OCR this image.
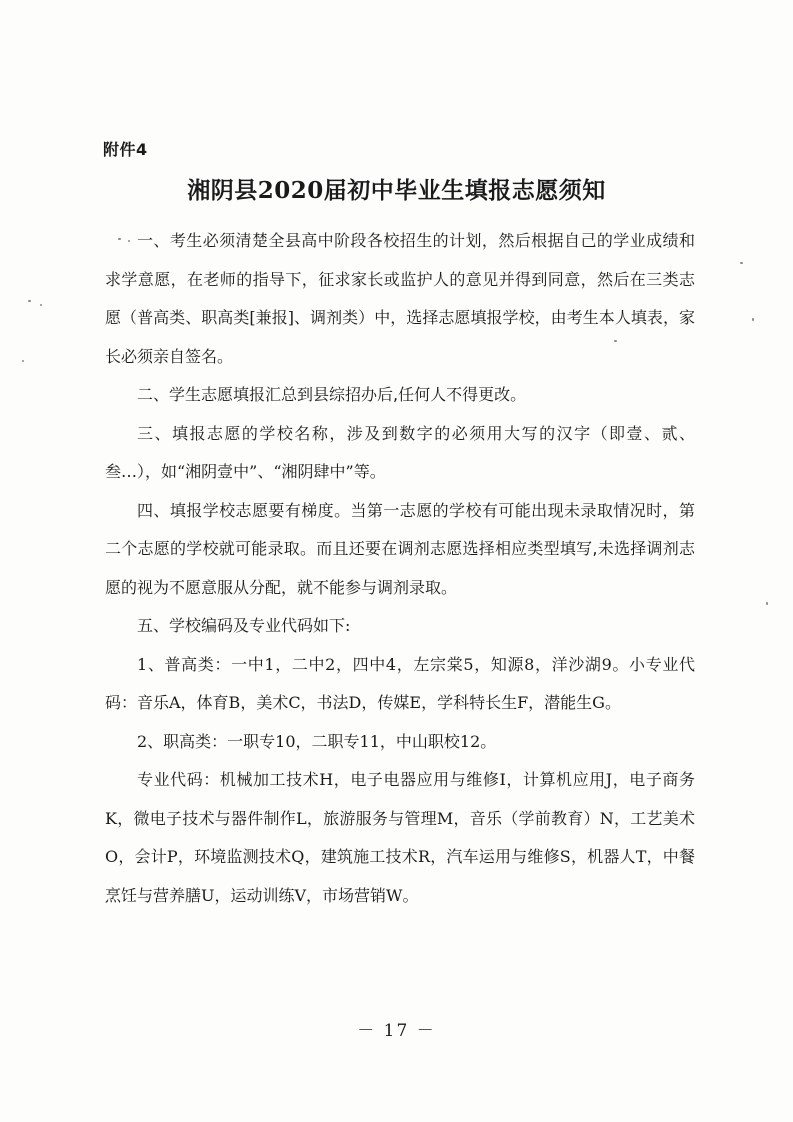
附件4
湘阴县2020届初中毕业生填报志愿须知

一、考生必须清楚全县高中阶段各校招生的计划，然后根据自己的学业成绩和求学意愿，在老师的指导下，征求家长或监护人的意见并得到同意，然后在三类志愿（普高类、职高类[兼报]、调剂类）中，选择志愿填报学校，由考生本人填表，家长必须亲自签名。

二、学生志愿填报汇总到县综招办后,任何人不得更改。

三、填报志愿的学校名称，涉及到数字的必须用大写的汉字（即壹、贰、叁…），如“湘阴壹中”、“湘阴肆中”等。

四、填报学校志愿要有梯度。当第一志愿的学校有可能出现未录取情况时，第二个志愿的学校就可能录取。而且还要在调剂志愿选择相应类型填写,未选择调剂志愿的视为不愿意服从分配，就不能参与调剂录取。

五、学校编码及专业代码如下:

1、普高类：一中1，二中2，四中4，左宗棠5，知源8，洋沙湖9。小专业代码：音乐A，体育B，美术C，书法D，传媒E，学科特长生F，潜能生G。

2、职高类：一职专10，二职专11，中山职校12。

专业代码：机械加工技术H，电子电器应用与维修I，计算机应用J，电子商务K，微电子技术与器件制作L，旅游服务与管理M，音乐（学前教育）N，工艺美术O，会计P，环境监测技术Q，建筑施工技术R，汽车运用与维修S，机器人T，中餐烹饪与营养膳U，运动训练V，市场营销W。

－ 17 －
